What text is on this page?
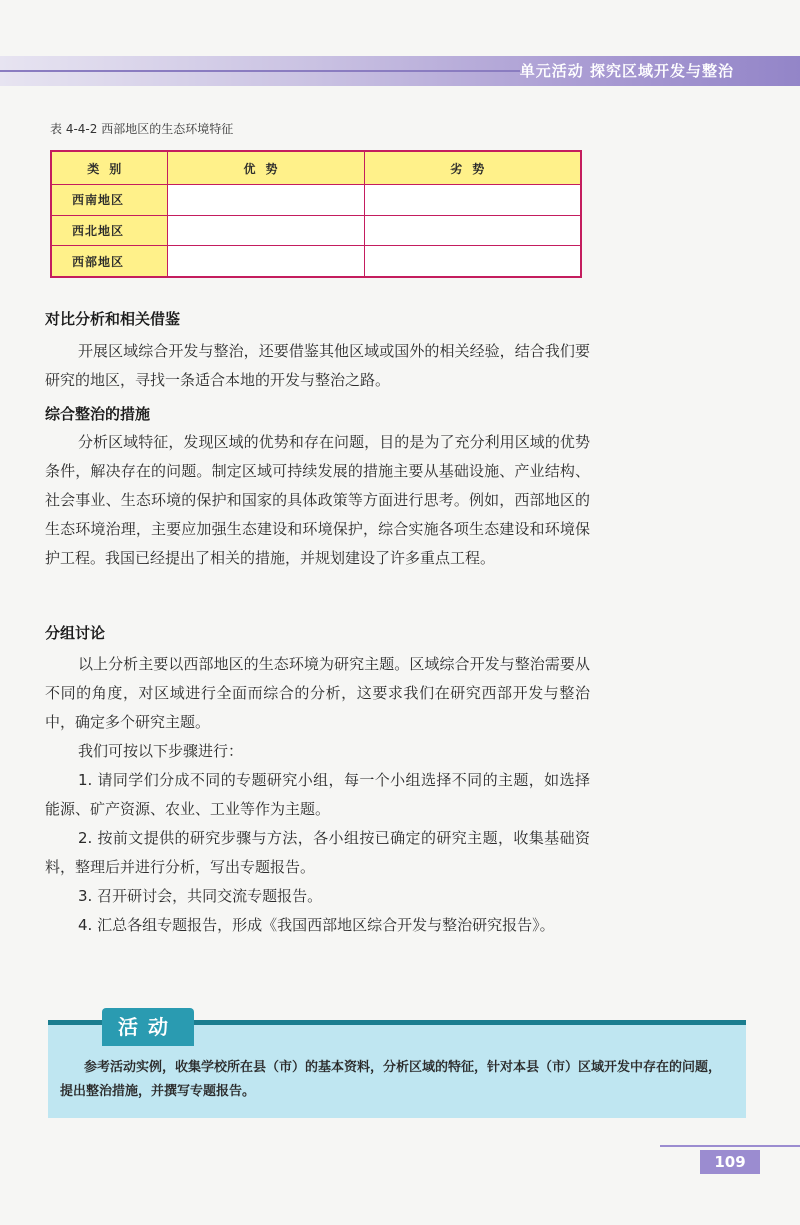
单元活动 探究区域开发与整治
表 4-4-2 西部地区的生态环境特征
类别	优势	劣势
西南地区		
西北地区		
西部地区		
对比分析和相关借鉴
开展区域综合开发与整治，还要借鉴其他区域或国外的相关经验，结合我们要研究的地区，寻找一条适合本地的开发与整治之路。
综合整治的措施
分析区域特征，发现区域的优势和存在问题，目的是为了充分利用区域的优势条件，解决存在的问题。制定区域可持续发展的措施主要从基础设施、产业结构、社会事业、生态环境的保护和国家的具体政策等方面进行思考。例如，西部地区的生态环境治理，主要应加强生态建设和环境保护，综合实施各项生态建设和环境保护工程。我国已经提出了相关的措施，并规划建设了许多重点工程。
分组讨论
以上分析主要以西部地区的生态环境为研究主题。区域综合开发与整治需要从不同的角度，对区域进行全面而综合的分析，这要求我们在研究西部开发与整治中，确定多个研究主题。
我们可按以下步骤进行：
1. 请同学们分成不同的专题研究小组，每一个小组选择不同的主题，如选择能源、矿产资源、农业、工业等作为主题。
2. 按前文提供的研究步骤与方法，各小组按已确定的研究主题，收集基础资料，整理后并进行分析，写出专题报告。
3. 召开研讨会，共同交流专题报告。
4. 汇总各组专题报告，形成《我国西部地区综合开发与整治研究报告》。
活动
参考活动实例，收集学校所在县（市）的基本资料，分析区域的特征，针对本县（市）区域开发中存在的问题，提出整治措施，并撰写专题报告。
109
